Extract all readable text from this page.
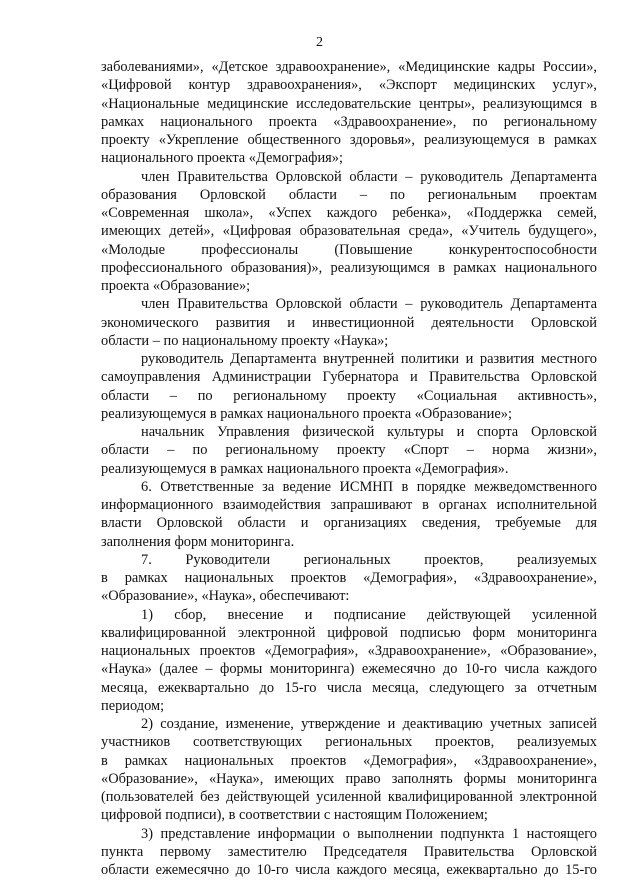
2
заболеваниями», «Детское здравоохранение», «Медицинские кадры России»,
«Цифровой контур здравоохранения», «Экспорт медицинских услуг»,
«Национальные медицинские исследовательские центры», реализующимся в
рамках национального проекта «Здравоохранение», по региональному
проекту «Укрепление общественного здоровья», реализующемуся в рамках
национального проекта «Демография»;
член Правительства Орловской области – руководитель Департамента
образования Орловской области – по региональным проектам
«Современная школа», «Успех каждого ребенка», «Поддержка семей,
имеющих детей», «Цифровая образовательная среда», «Учитель будущего»,
«Молодые профессионалы (Повышение конкурентоспособности
профессионального образования)», реализующимся в рамках национального
проекта «Образование»;
член Правительства Орловской области – руководитель Департамента
экономического развития и инвестиционной деятельности Орловской
области – по национальному проекту «Наука»;
руководитель Департамента внутренней политики и развития местного
самоуправления Администрации Губернатора и Правительства Орловской
области – по региональному проекту «Социальная активность»,
реализующемуся в рамках национального проекта «Образование»;
начальник Управления физической культуры и спорта Орловской
области – по региональному проекту «Спорт – норма жизни»,
реализующемуся в рамках национального проекта «Демография».
6. Ответственные за ведение ИСМНП в порядке межведомственного
информационного взаимодействия запрашивают в органах исполнительной
власти Орловской области и организациях сведения, требуемые для
заполнения форм мониторинга.
7. Руководители региональных проектов, реализуемых
в рамках национальных проектов «Демография», «Здравоохранение»,
«Образование», «Наука», обеспечивают:
1) сбор, внесение и подписание действующей усиленной
квалифицированной электронной цифровой подписью форм мониторинга
национальных проектов «Демография», «Здравоохранение», «Образование»,
«Наука» (далее – формы мониторинга) ежемесячно до 10-го числа каждого
месяца, ежеквартально до 15-го числа месяца, следующего за отчетным
периодом;
2) создание, изменение, утверждение и деактивацию учетных записей
участников соответствующих региональных проектов, реализуемых
в рамках национальных проектов «Демография», «Здравоохранение»,
«Образование», «Наука», имеющих право заполнять формы мониторинга
(пользователей без действующей усиленной квалифицированной электронной
цифровой подписи), в соответствии с настоящим Положением;
3) представление информации о выполнении подпункта 1 настоящего
пункта первому заместителю Председателя Правительства Орловской
области ежемесячно до 10-го числа каждого месяца, ежеквартально до 15-го
